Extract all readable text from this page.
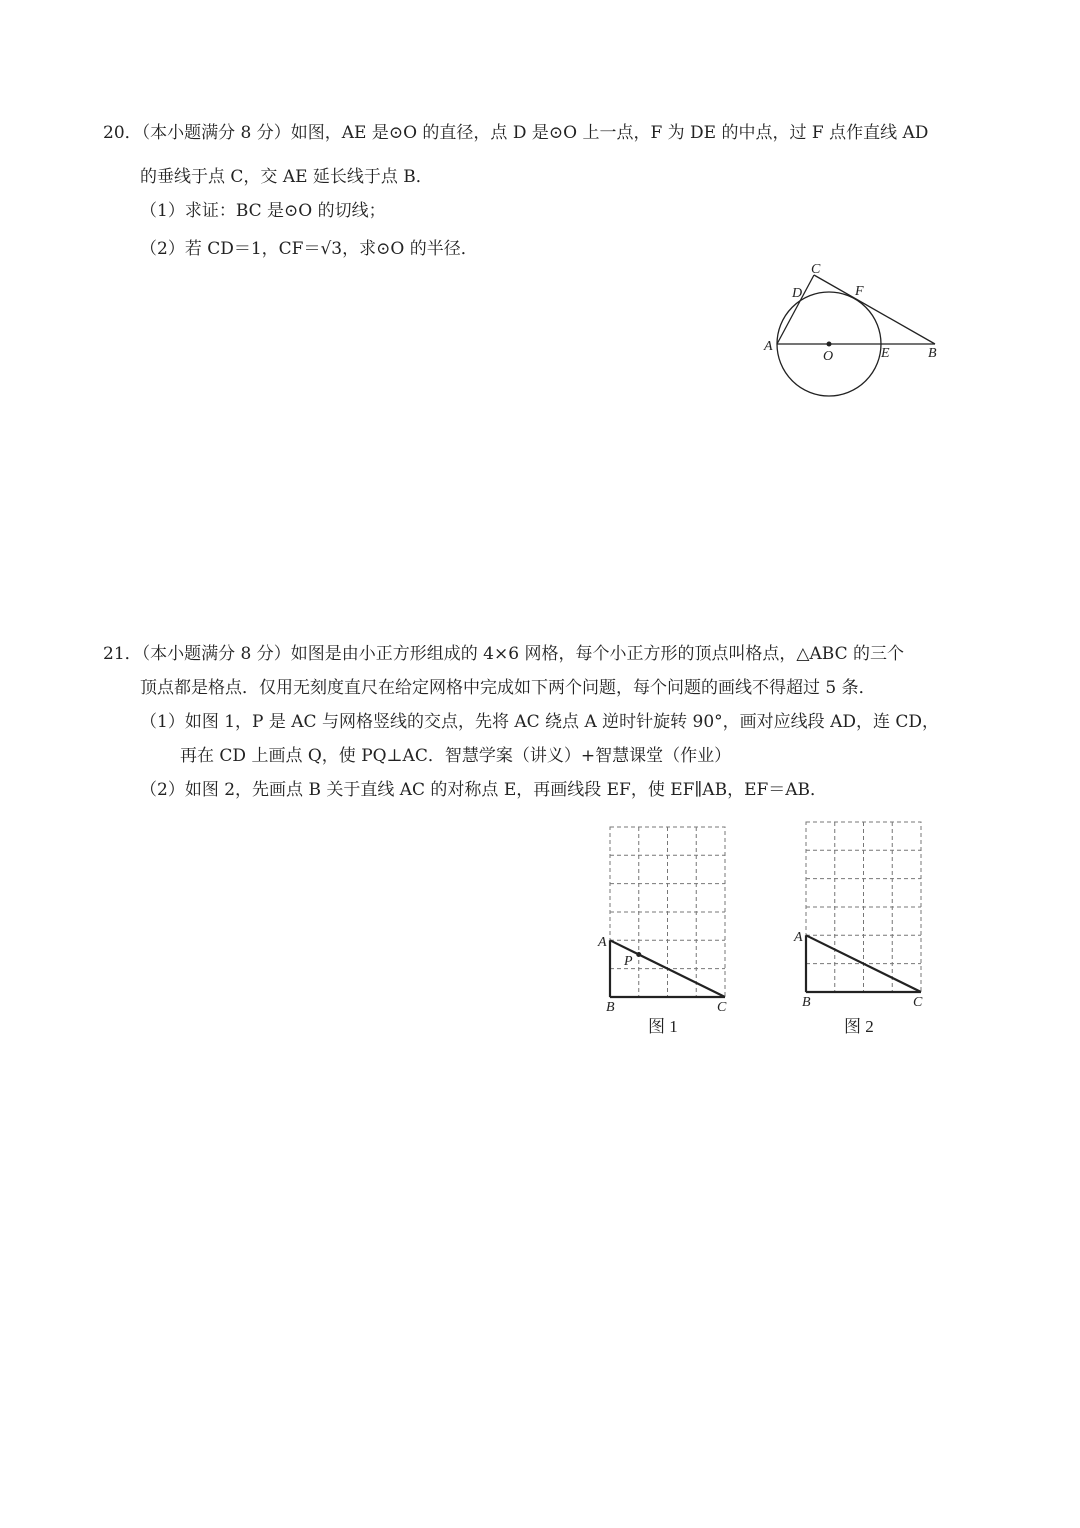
20．（本小题满分 8 分）如图，AE 是⊙O 的直径，点 D 是⊙O 上一点，F 为 DE 的中点，过 F 点作直线 AD
的垂线于点 C，交 AE 延长线于点 B．
（1）求证：BC 是⊙O 的切线；
（2）若 CD＝1，CF＝√3，求⊙O 的半径．
A
O	E	B
C
D	F
21．（本小题满分 8 分）如图是由小正方形组成的 4×6 网格，每个小正方形的顶点叫格点，△ABC 的三个
顶点都是格点．仅用无刻度直尺在给定网格中完成如下两个问题，每个问题的画线不得超过 5 条．
（1）如图 1，P 是 AC 与网格竖线的交点，先将 AC 绕点 A 逆时针旋转 90°，画对应线段 AD，连 CD，
再在 CD 上画点 Q，使 PQ⊥AC．智慧学案（讲义）+智慧课堂（作业）
（2）如图 2，先画点 B 关于直线 AC 的对称点 E，再画线段 EF，使 EF∥AB，EF＝AB．
A
P
B	C
图 1
A
B	C
图 2
